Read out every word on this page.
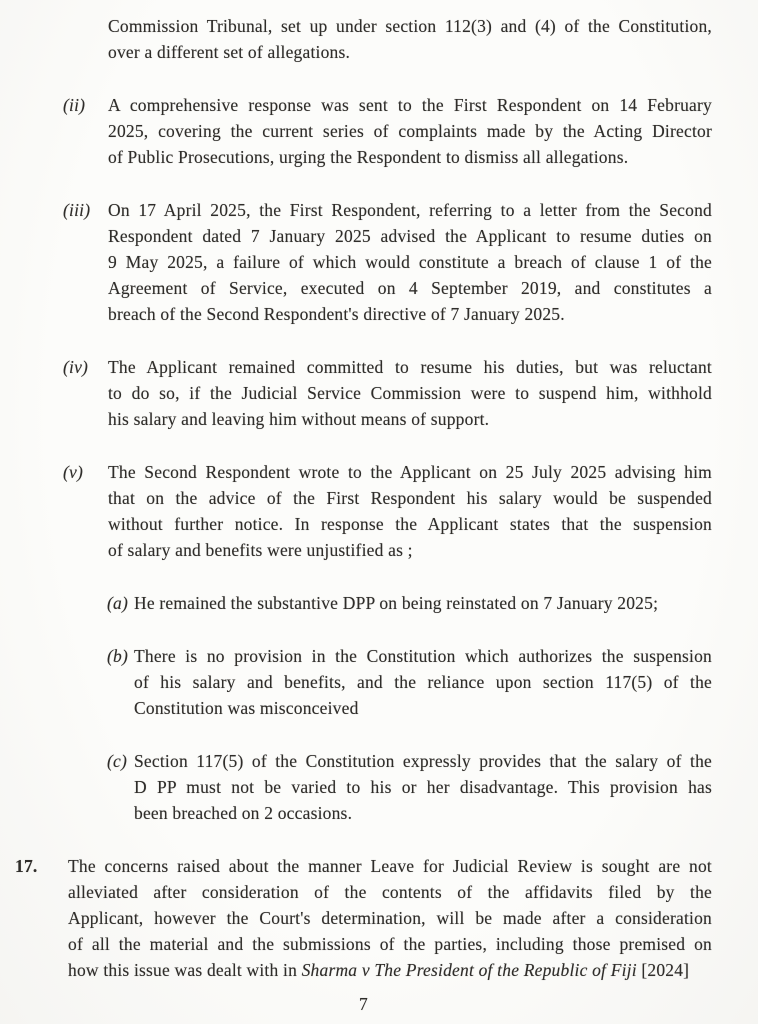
Commission Tribunal, set up under section 112(3) and (4) of the Constitution,
over a different set of allegations.
(ii)	A comprehensive response was sent to the First Respondent on 14 February
2025, covering the current series of complaints made by the Acting Director
of Public Prosecutions, urging the Respondent to dismiss all allegations.
(iii)	On 17 April 2025, the First Respondent, referring to a letter from the Second
Respondent dated 7 January 2025 advised the Applicant to resume duties on
9 May 2025, a failure of which would constitute a breach of clause 1 of the
Agreement of Service, executed on 4 September 2019, and constitutes a
breach of the Second Respondent's directive of 7 January 2025.
(iv)	The Applicant remained committed to resume his duties, but was reluctant
to do so, if the Judicial Service Commission were to suspend him, withhold
his salary and leaving him without means of support.
(v)	The Second Respondent wrote to the Applicant on 25 July 2025 advising him
that on the advice of the First Respondent his salary would be suspended
without further notice. In response the Applicant states that the suspension
of salary and benefits were unjustified as ;
(a) He remained the substantive DPP on being reinstated on 7 January 2025;
(b) There is no provision in the Constitution which authorizes the suspension
of his salary and benefits, and the reliance upon section 117(5) of the
Constitution was misconceived
(c) Section 117(5) of the Constitution expressly provides that the salary of the
D PP must not be varied to his or her disadvantage. This provision has
been breached on 2 occasions.
17.	The concerns raised about the manner Leave for Judicial Review is sought are not
alleviated after consideration of the contents of the affidavits filed by the
Applicant, however the Court's determination, will be made after a consideration
of all the material and the submissions of the parties, including those premised on
how this issue was dealt with in Sharma v The President of the Republic of Fiji [2024]
7
